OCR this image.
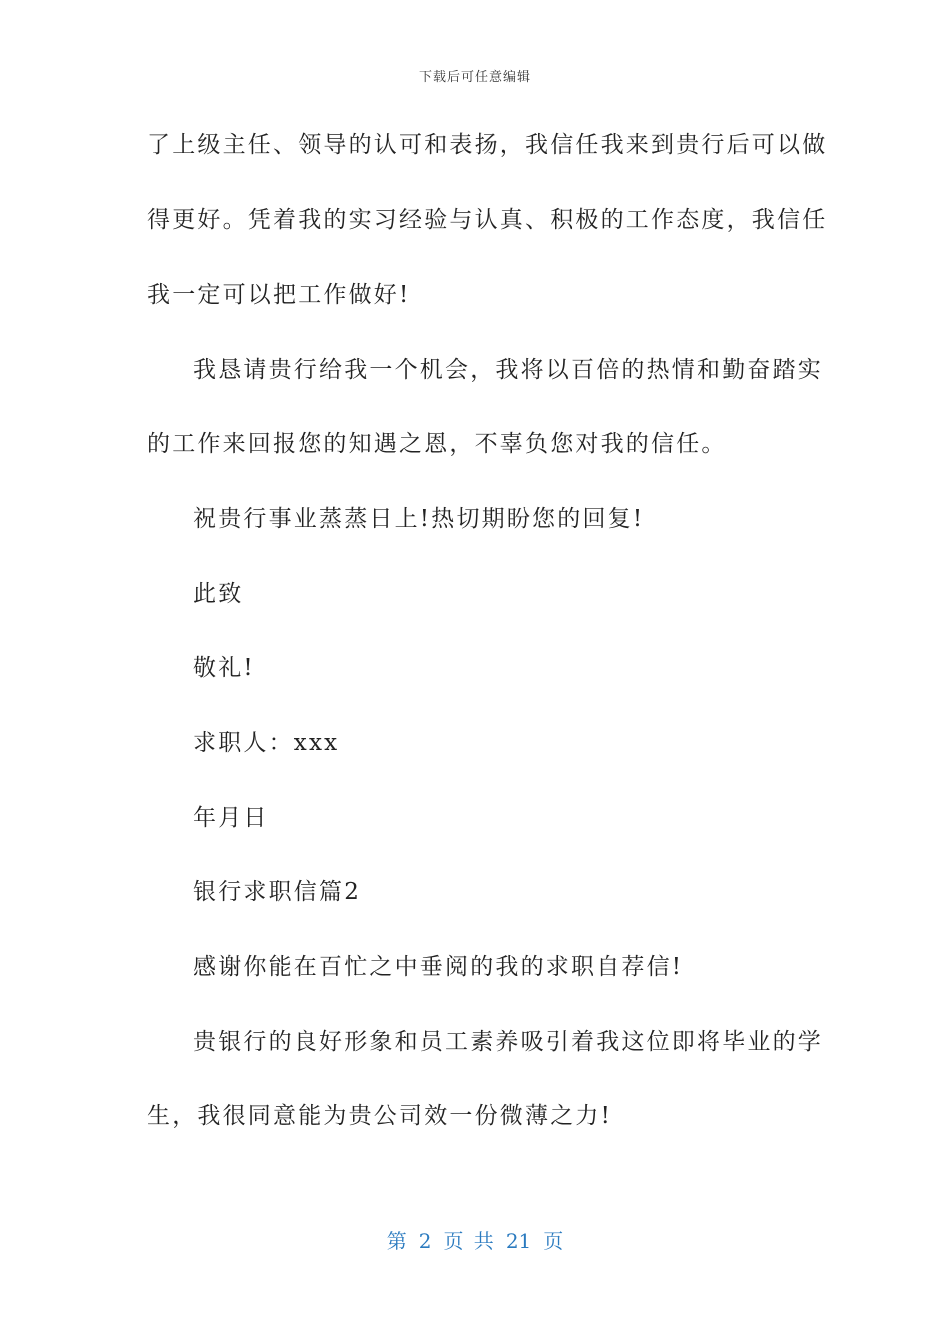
下载后可任意编辑
了上级主任、领导的认可和表扬，我信任我来到贵行后可以做
得更好。凭着我的实习经验与认真、积极的工作态度，我信任
我一定可以把工作做好!
我恳请贵行给我一个机会，我将以百倍的热情和勤奋踏实
的工作来回报您的知遇之恩，不辜负您对我的信任。
祝贵行事业蒸蒸日上!热切期盼您的回复!
此致
敬礼!
求职人：xxx
年月日
银行求职信篇2
感谢你能在百忙之中垂阅的我的求职自荐信!
贵银行的良好形象和员工素养吸引着我这位即将毕业的学
生，我很同意能为贵公司效一份微薄之力!
第 2 页 共 21 页
